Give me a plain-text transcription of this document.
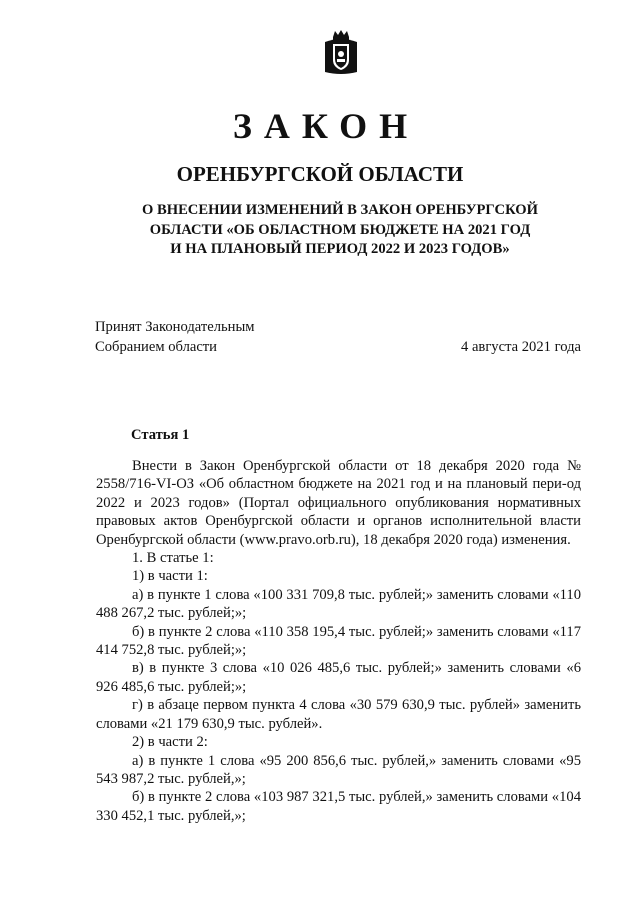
ЗАКОН
ОРЕНБУРГСКОЙ ОБЛАСТИ
О ВНЕСЕНИИ ИЗМЕНЕНИЙ В ЗАКОН ОРЕНБУРГСКОЙ
ОБЛАСТИ «ОБ ОБЛАСТНОМ БЮДЖЕТЕ НА 2021 ГОД
И НА ПЛАНОВЫЙ ПЕРИОД 2022 И 2023 ГОДОВ»
Принят Законодательным
Собранием области	4 августа 2021 года
Статья 1

Внести в Закон Оренбургской области от 18 декабря 2020 года № 2558/716-VI-ОЗ «Об областном бюджете на 2021 год и на плановый пери-од 2022 и 2023 годов» (Портал официального опубликования нормативных правовых актов Оренбургской области и органов исполнительной власти Оренбургской области (www.pravo.orb.ru), 18 декабря 2020 года) изменения.

1. В статье 1:

1) в части 1:

а) в пункте 1 слова «100 331 709,8 тыс. рублей;» заменить словами «110 488 267,2 тыс. рублей;»;

б) в пункте 2 слова «110 358 195,4 тыс. рублей;» заменить словами «117 414 752,8 тыс. рублей;»;

в) в пункте 3 слова «10 026 485,6 тыс. рублей;» заменить словами «6 926 485,6 тыс. рублей;»;

г) в абзаце первом пункта 4 слова «30 579 630,9 тыс. рублей» заменить словами «21 179 630,9 тыс. рублей».

2) в части 2:

а) в пункте 1 слова «95 200 856,6 тыс. рублей,» заменить словами «95 543 987,2 тыс. рублей,»;

б) в пункте 2 слова «103 987 321,5 тыс. рублей,» заменить словами «104 330 452,1 тыс. рублей,»;
